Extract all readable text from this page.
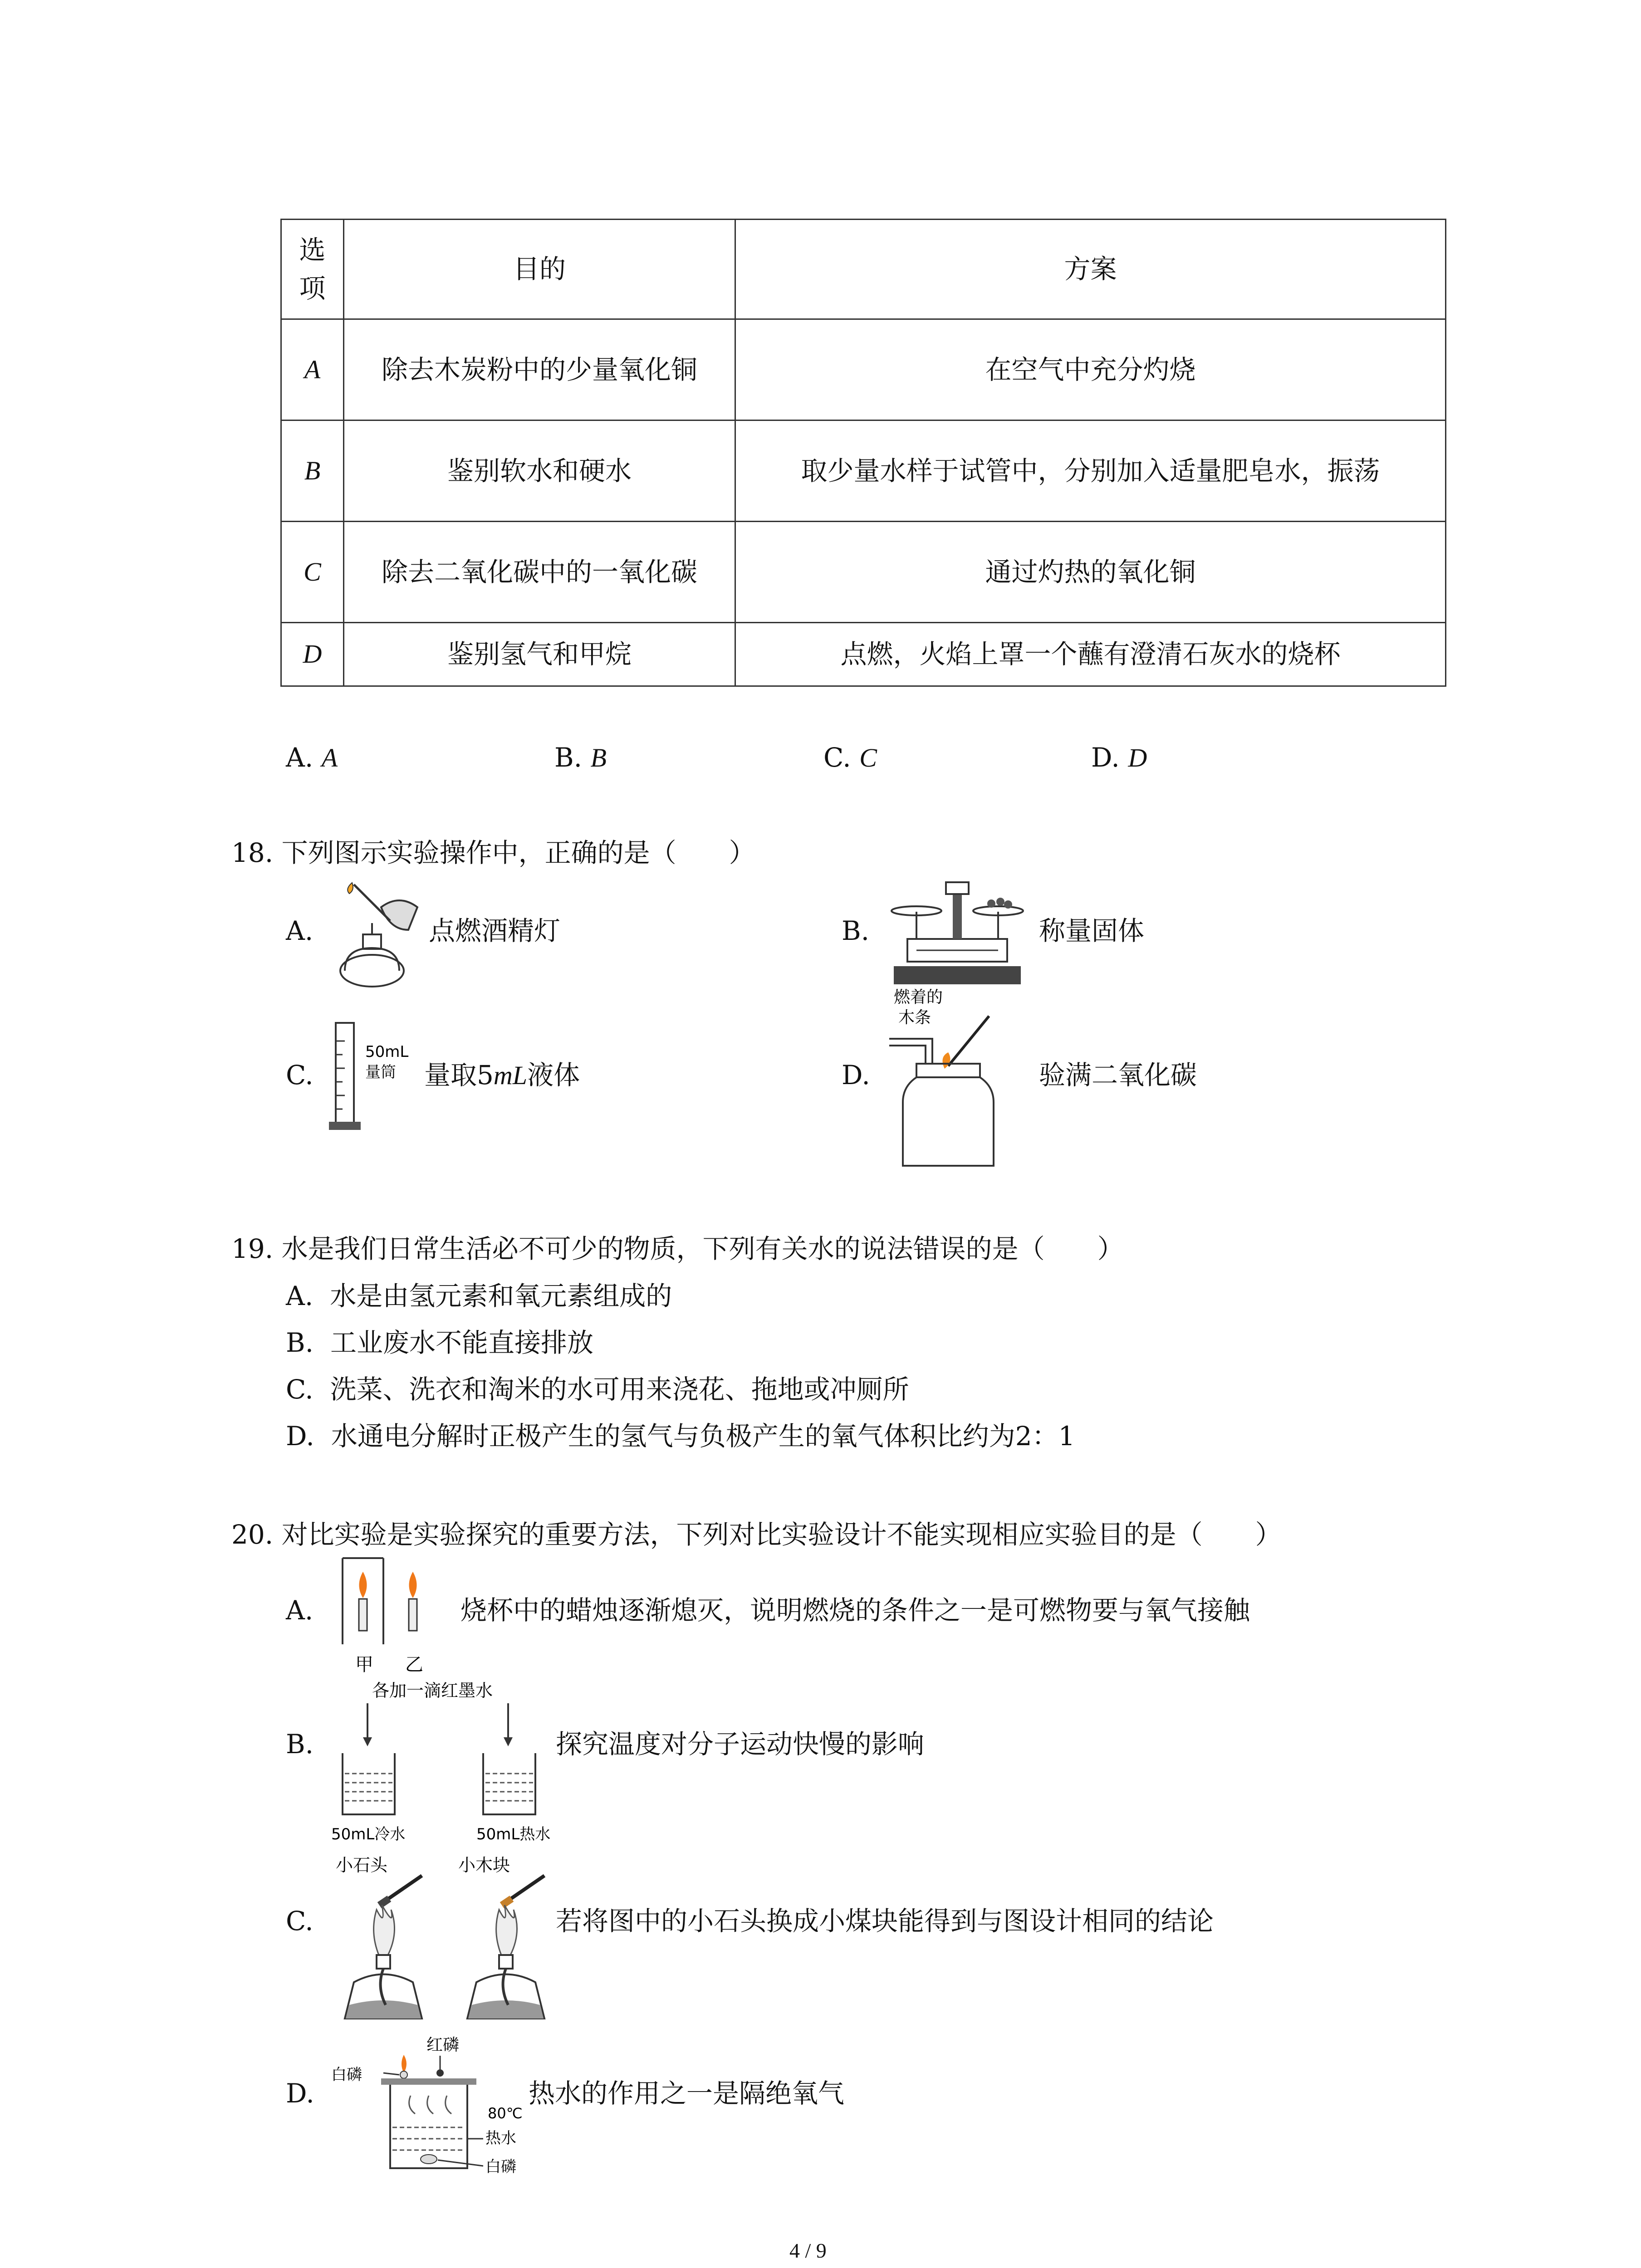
选
项	目的	方案
A	除去木炭粉中的少量氧化铜	在空气中充分灼烧
B	鉴别软水和硬水	取少量水样于试管中，分别加入适量肥皂水，振荡
C	除去二氧化碳中的一氧化碳	通过灼热的氧化铜
D	鉴别氢气和甲烷	点燃，火焰上罩一个蘸有澄清石灰水的烧杯
A. A	B. B	C. C	D. D
18. 下列图示实验操作中，正确的是（　　）
A.	点燃酒精灯	B.	称量固体
C.
50mL
量筒 量取5mL液体	D.
燃着的
木条
验满二氧化碳
19. 水是我们日常生活必不可少的物质，下列有关水的说法错误的是（　　）
A. 水是由氢元素和氧元素组成的
B. 工业废水不能直接排放
C. 洗菜、洗衣和淘米的水可用来浇花、拖地或冲厕所
D. 水通电分解时正极产生的氢气与负极产生的氧气体积比约为2：1
20. 对比实验是实验探究的重要方法，下列对比实验设计不能实现相应实验目的是（　　）
A.
甲 乙
烧杯中的蜡烛逐渐熄灭，说明燃烧的条件之一是可燃物要与氧气接触
B.
各加一滴红墨水
50mL冷水	50mL热水
探究温度对分子运动快慢的影响
C.
小石头	小木块
若将图中的小石头换成小煤块能得到与图设计相同的结论
D.
红磷
白磷
80℃
热水
白磷
热水的作用之一是隔绝氧气
4 / 9
